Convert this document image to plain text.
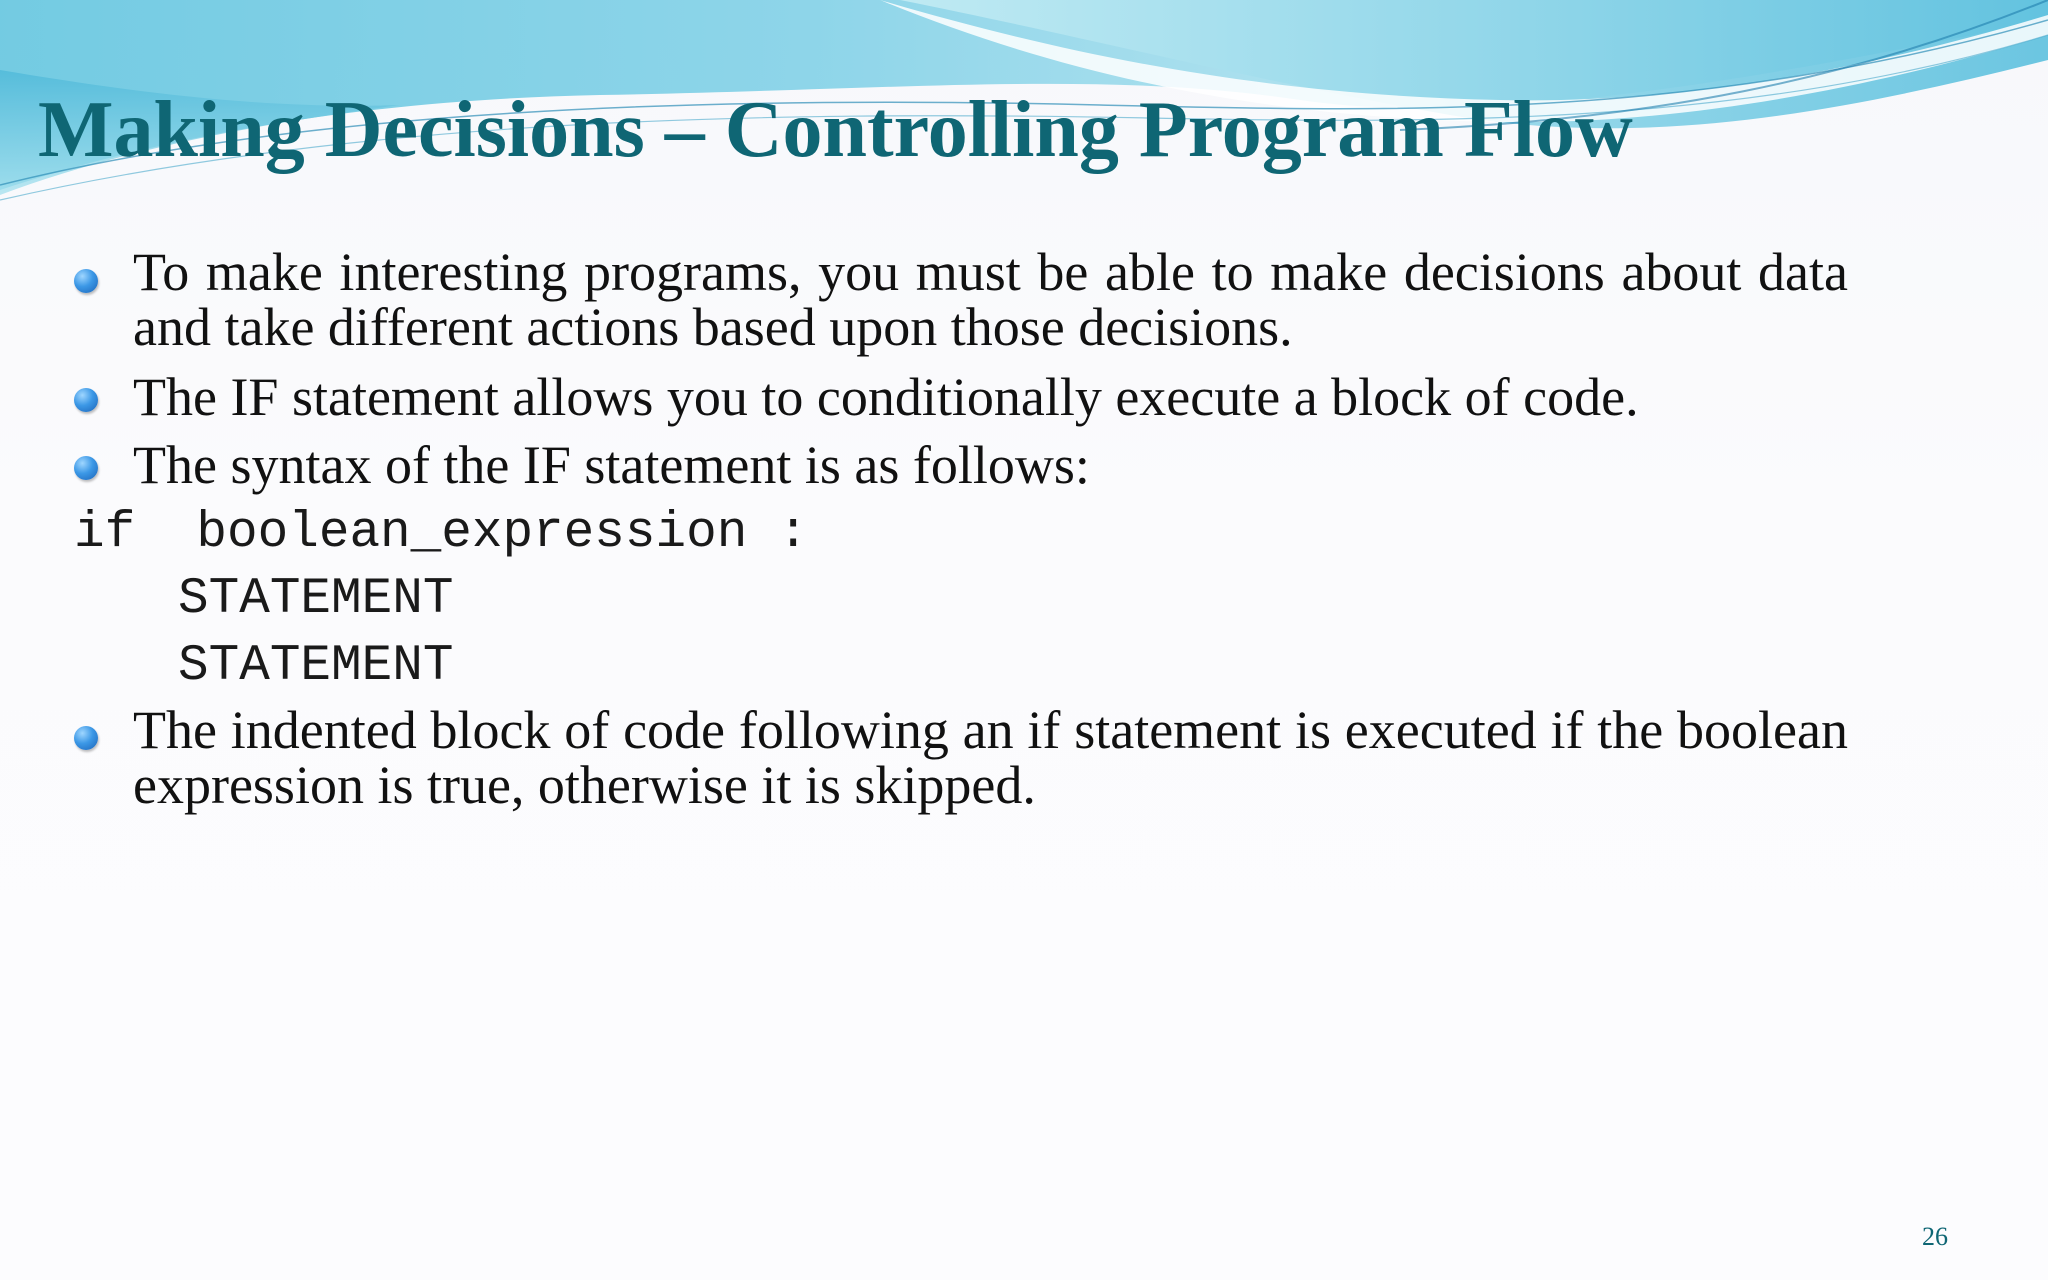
Making Decisions – Controlling Program Flow
To make interesting programs, you must be able to make decisions about data and take different actions based upon those decisions.
The IF statement allows you to conditionally execute a block of code.
The syntax of the IF statement is as follows:
if  boolean_expression :
STATEMENT
STATEMENT
The indented block of code following an if statement is executed if the boolean expression is true, otherwise it is skipped.
26
